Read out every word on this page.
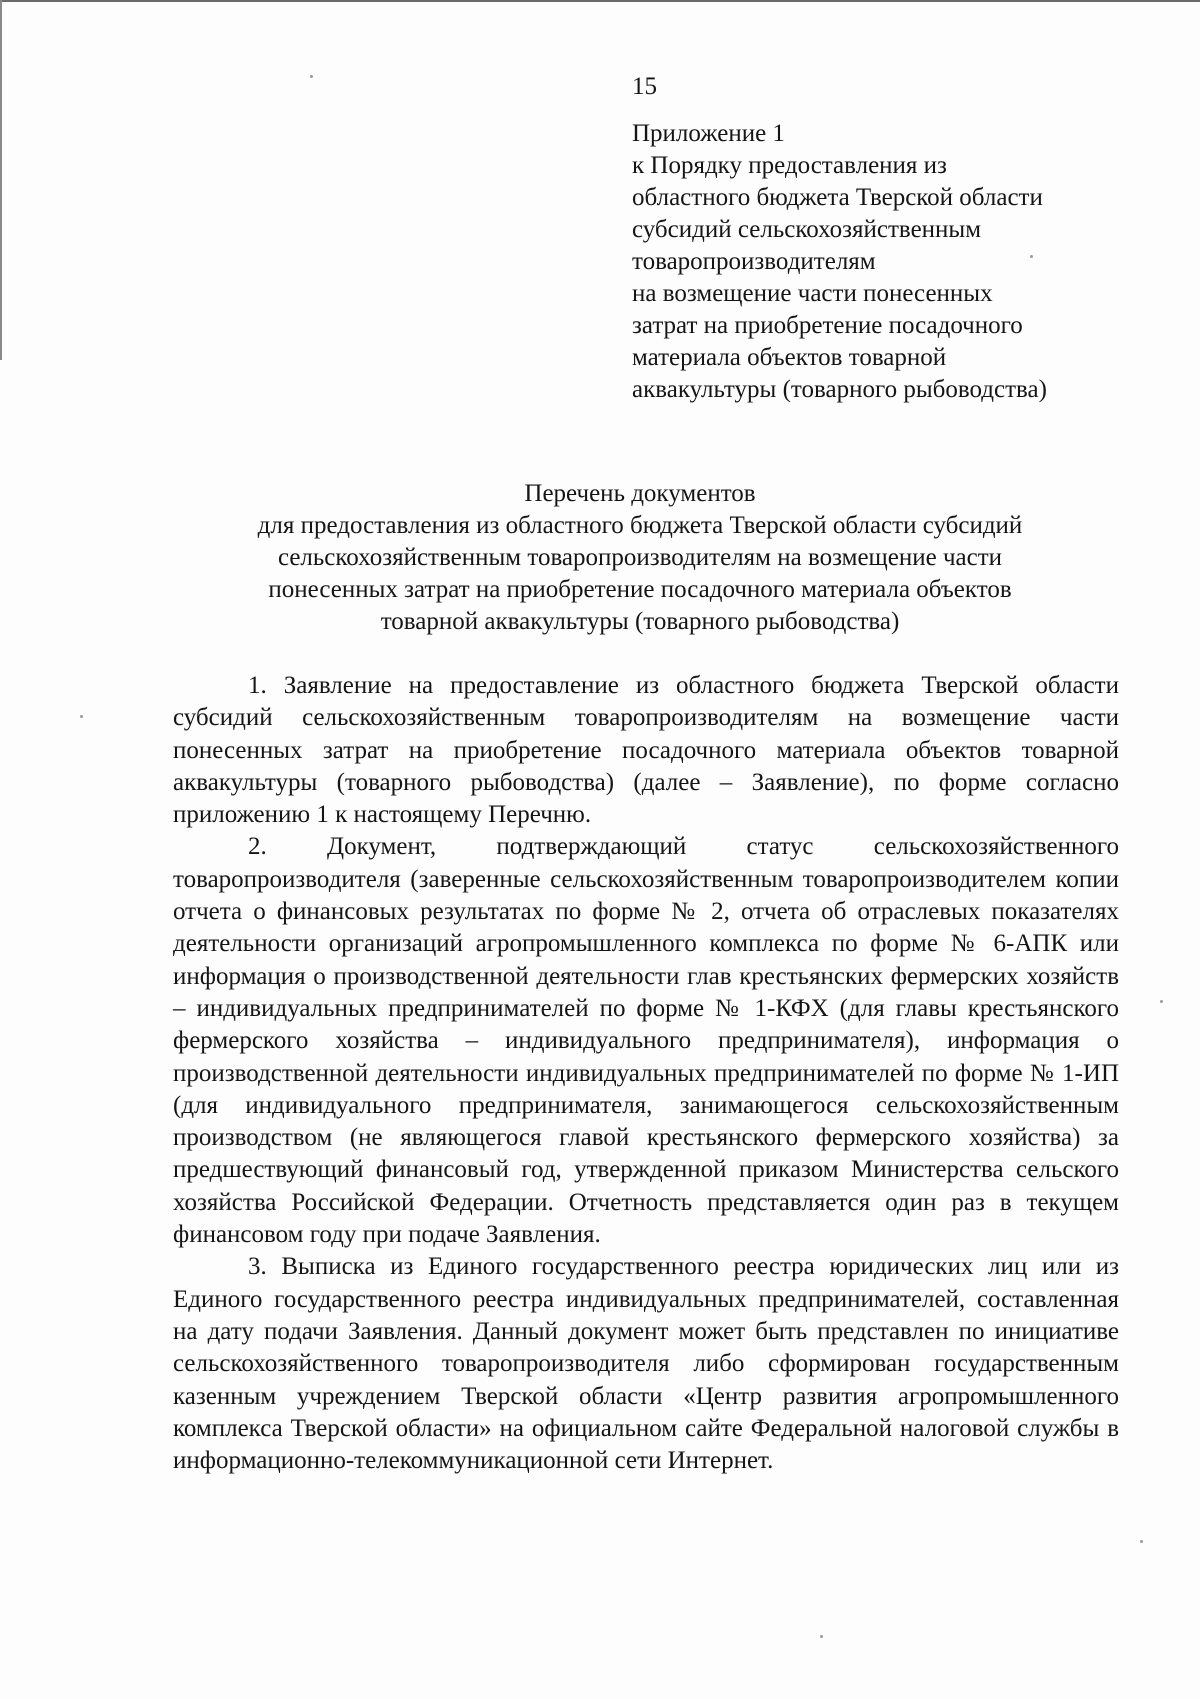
15
Приложение 1
к Порядку предоставления из
областного бюджета Тверской области
субсидий сельскохозяйственным
товаропроизводителям
на возмещение части понесенных
затрат на приобретение посадочного
материала объектов товарной
аквакультуры (товарного рыбоводства)
Перечень документов
для предоставления из областного бюджета Тверской области субсидий
сельскохозяйственным товаропроизводителям на возмещение части
понесенных затрат на приобретение посадочного материала объектов
товарной аквакультуры (товарного рыбоводства)

1. Заявление на предоставление из областного бюджета Тверской области субсидий сельскохозяйственным товаропроизводителям на возмещение части понесенных затрат на приобретение посадочного материала объектов товарной аквакультуры (товарного рыбоводства) (далее – Заявление), по форме согласно приложению 1 к настоящему Перечню.

2. Документ, подтверждающий статус сельскохозяйственного товаропроизводителя (заверенные сельскохозяйственным товаропроизводителем копии отчета о финансовых результатах по форме № 2, отчета об отраслевых показателях деятельности организаций агропромышленного комплекса по форме № 6-АПК или информация о производственной деятельности глав крестьянских фермерских хозяйств – индивидуальных предпринимателей по форме № 1-КФХ (для главы крестьянского фермерского хозяйства – индивидуального предпринимателя), информация о производственной деятельности индивидуальных предпринимателей по форме № 1-ИП (для индивидуального предпринимателя, занимающегося сельскохозяйственным производством (не являющегося главой крестьянского фермерского хозяйства) за предшествующий финансовый год, утвержденной приказом Министерства сельского хозяйства Российской Федерации. Отчетность представляется один раз в текущем финансовом году при подаче Заявления.

3. Выписка из Единого государственного реестра юридических лиц или из Единого государственного реестра индивидуальных предпринимателей, составленная на дату подачи Заявления. Данный документ может быть представлен по инициативе сельскохозяйственного товаропроизводителя либо сформирован государственным казенным учреждением Тверской области «Центр развития агропромышленного комплекса Тверской области» на официальном сайте Федеральной налоговой службы в информационно-телекоммуникационной сети Интернет.
